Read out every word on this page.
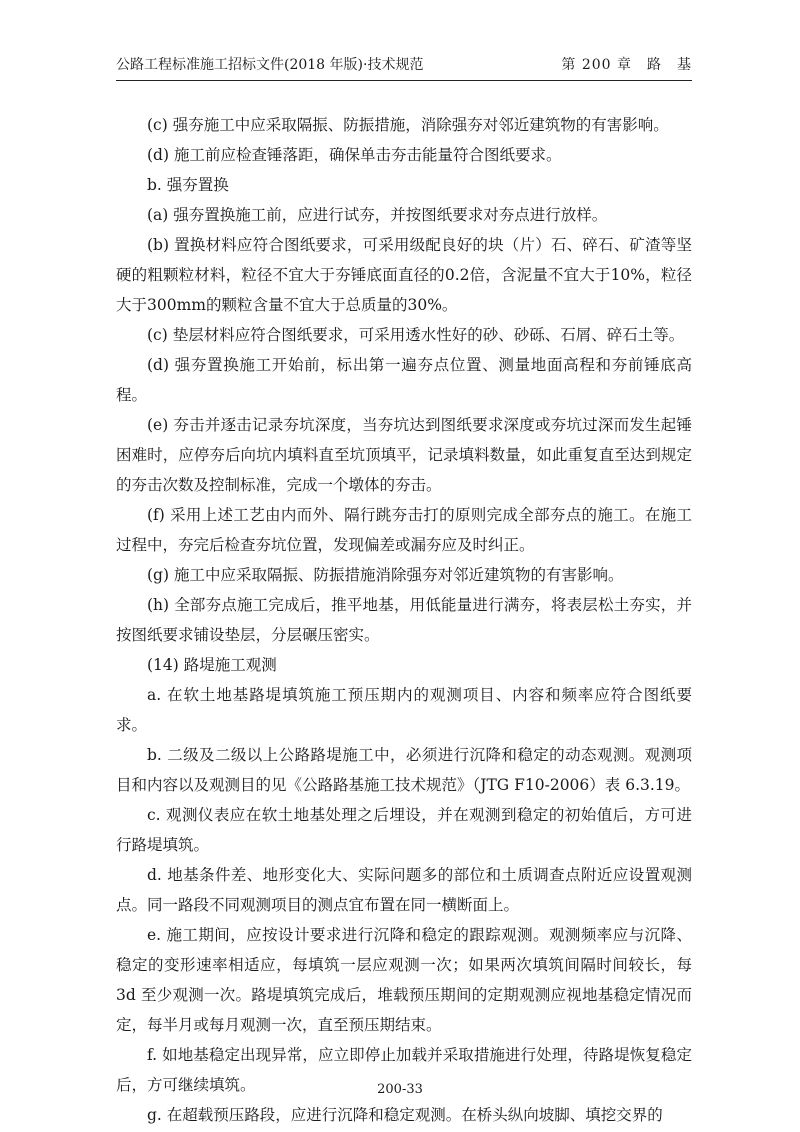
公路工程标准施工招标文件(2018 年版)·技术规范	第 200 章　路　基

(c) 强夯施工中应采取隔振、防振措施，消除强夯对邻近建筑物的有害影响。

(d) 施工前应检查锤落距，确保单击夯击能量符合图纸要求。

b. 强夯置换

(a) 强夯置换施工前，应进行试夯，并按图纸要求对夯点进行放样。

(b) 置换材料应符合图纸要求，可采用级配良好的块（片）石、碎石、矿渣等坚硬的粗颗粒材料，粒径不宜大于夯锤底面直径的0.2倍，含泥量不宜大于10%，粒径大于300mm的颗粒含量不宜大于总质量的30%。

(c) 垫层材料应符合图纸要求，可采用透水性好的砂、砂砾、石屑、碎石土等。

(d) 强夯置换施工开始前，标出第一遍夯点位置、测量地面高程和夯前锤底高程。

(e) 夯击并逐击记录夯坑深度，当夯坑达到图纸要求深度或夯坑过深而发生起锤困难时，应停夯后向坑内填料直至坑顶填平，记录填料数量，如此重复直至达到规定的夯击次数及控制标准，完成一个墩体的夯击。

(f) 采用上述工艺由内而外、隔行跳夯击打的原则完成全部夯点的施工。在施工过程中，夯完后检查夯坑位置，发现偏差或漏夯应及时纠正。

(g) 施工中应采取隔振、防振措施消除强夯对邻近建筑物的有害影响。

(h) 全部夯点施工完成后，推平地基，用低能量进行满夯，将表层松土夯实，并按图纸要求铺设垫层，分层碾压密实。

(14) 路堤施工观测

a. 在软土地基路堤填筑施工预压期内的观测项目、内容和频率应符合图纸要求。

b. 二级及二级以上公路路堤施工中，必须进行沉降和稳定的动态观测。观测项目和内容以及观测目的见《公路路基施工技术规范》（JTG F10-2006）表 6.3.19。

c. 观测仪表应在软土地基处理之后埋设，并在观测到稳定的初始值后，方可进行路堤填筑。

d. 地基条件差、地形变化大、实际问题多的部位和土质调查点附近应设置观测点。同一路段不同观测项目的测点宜布置在同一横断面上。

e. 施工期间，应按设计要求进行沉降和稳定的跟踪观测。观测频率应与沉降、稳定的变形速率相适应，每填筑一层应观测一次；如果两次填筑间隔时间较长，每 3d 至少观测一次。路堤填筑完成后，堆载预压期间的定期观测应视地基稳定情况而定，每半月或每月观测一次，直至预压期结束。

f. 如地基稳定出现异常，应立即停止加载并采取措施进行处理，待路堤恢复稳定后，方可继续填筑。

g. 在超载预压路段，应进行沉降和稳定观测。在桥头纵向坡脚、填挖交界的

200-33
